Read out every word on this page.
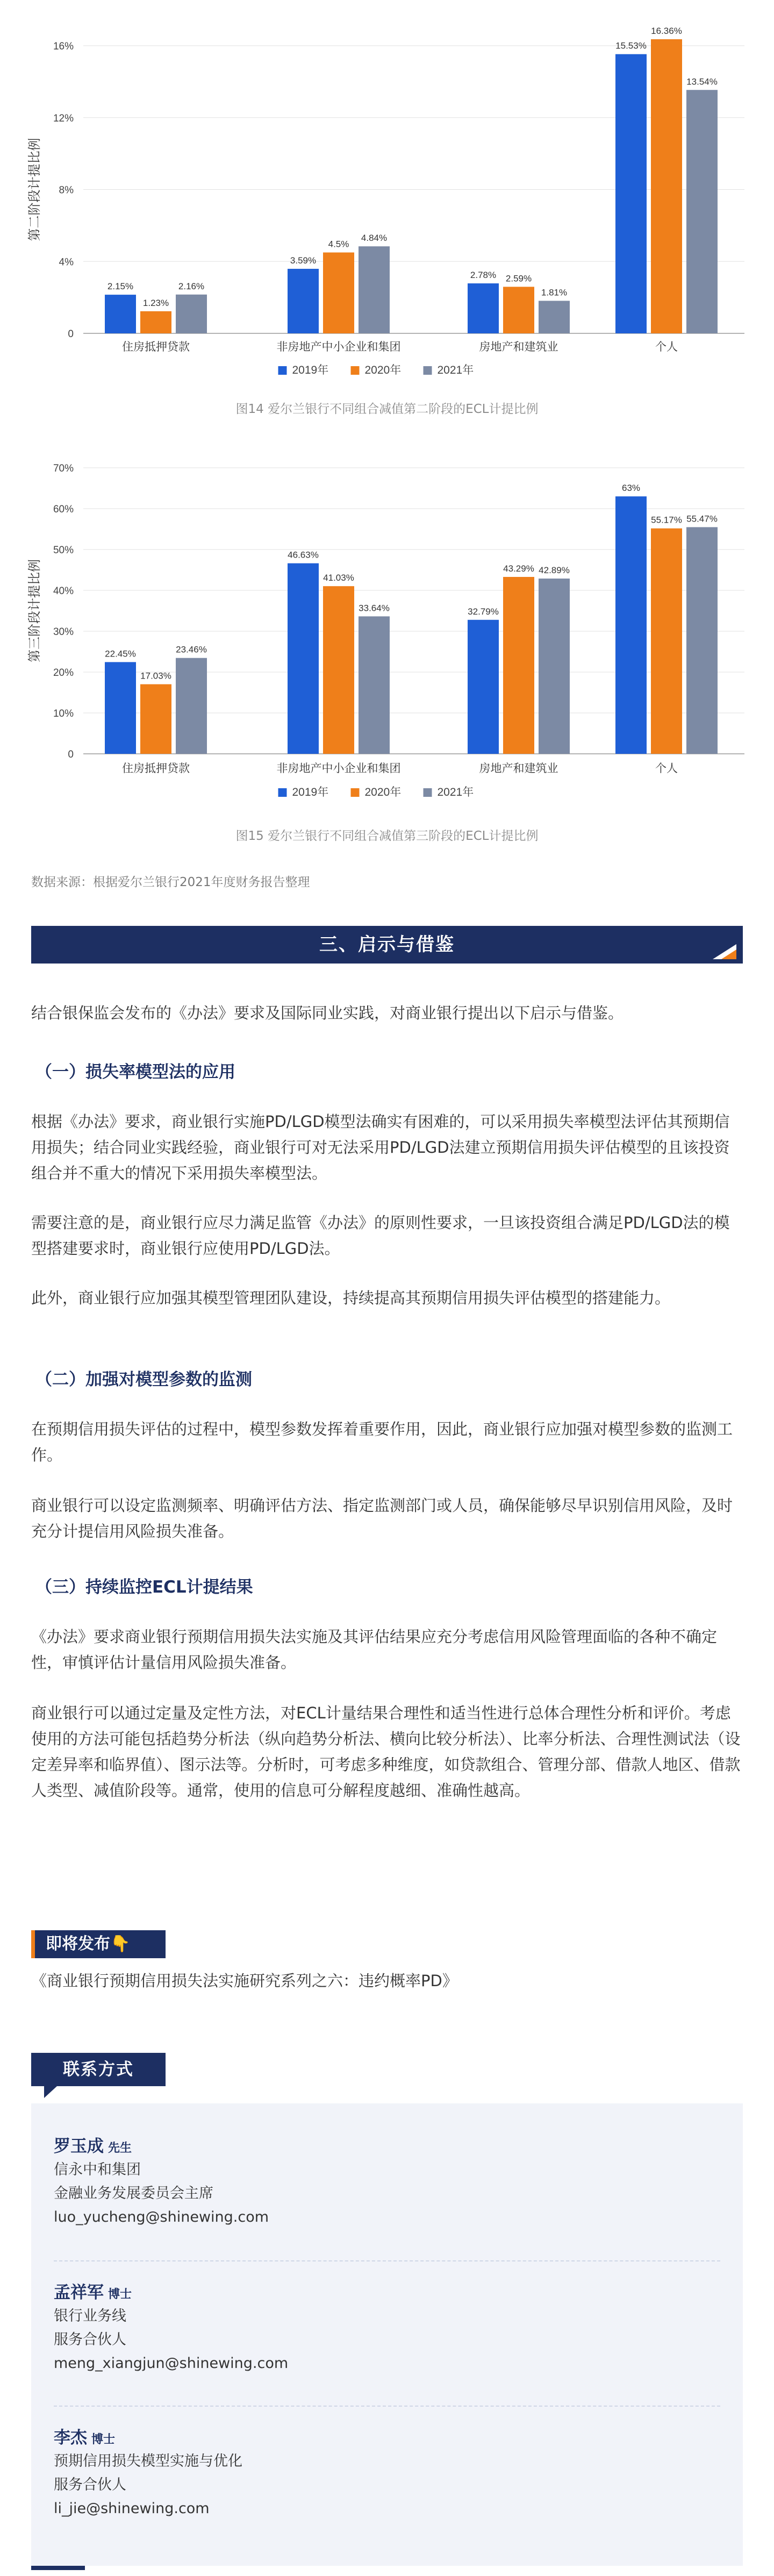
0
4%
8%
12%
16%
第二阶段计提比例
2.15%
1.23%
2.16%
住房抵押贷款
3.59%
4.5%
4.84%
非房地产中小企业和集团
2.78% 2.59%
1.81%
房地产和建筑业
15.53%
16.36%
13.54%
个人
2019年	2020年	2021年
图14 爱尔兰银行不同组合减值第二阶段的ECL计提比例
0
10%
20%
30%
40%
50%
60%
70%
第三阶段计提比例	22.45%
17.03%
23.46%
住房抵押贷款
46.63%
41.03%
33.64%
非房地产中小企业和集团
32.79%
43.29% 42.89%
房地产和建筑业
63%
55.17% 55.47%
个人
2019年	2020年	2021年
图15 爱尔兰银行不同组合减值第三阶段的ECL计提比例
数据来源：根据爱尔兰银行2021年度财务报告整理
三、启示与借鉴

结合银保监会发布的《办法》要求及国际同业实践，对商业银行提出以下启示与借鉴。

（一）损失率模型法的应用

根据《办法》要求，商业银行实施PD/LGD模型法确实有困难的，可以采用损失率模型法评估其预期信用损失；结合同业实践经验，商业银行可对无法采用PD/LGD法建立预期信用损失评估模型的且该投资组合并不重大的情况下采用损失率模型法。

需要注意的是，商业银行应尽力满足监管《办法》的原则性要求，一旦该投资组合满足PD/LGD法的模型搭建要求时，商业银行应使用PD/LGD法。

此外，商业银行应加强其模型管理团队建设，持续提高其预期信用损失评估模型的搭建能力。

（二）加强对模型参数的监测

在预期信用损失评估的过程中，模型参数发挥着重要作用，因此，商业银行应加强对模型参数的监测工作。

商业银行可以设定监测频率、明确评估方法、指定监测部门或人员，确保能够尽早识别信用风险，及时充分计提信用风险损失准备。

（三）持续监控ECL计提结果

《办法》要求商业银行预期信用损失法实施及其评估结果应充分考虑信用风险管理面临的各种不确定性，审慎评估计量信用风险损失准备。

商业银行可以通过定量及定性方法，对ECL计量结果合理性和适当性进行总体合理性分析和评价。考虑使用的方法可能包括趋势分析法（纵向趋势分析法、横向比较分析法）、比率分析法、合理性测试法（设定差异率和临界值）、图示法等。分析时，可考虑多种维度，如贷款组合、管理分部、借款人地区、借款人类型、减值阶段等。通常，使用的信息可分解程度越细、准确性越高。

即将发布👇
《商业银行预期信用损失法实施研究系列之六：违约概率PD》
联系方式
罗玉成 先生
信永中和集团
金融业务发展委员会主席
luo_yucheng@shinewing.com
孟祥军 博士
银行业务线
服务合伙人
meng_xiangjun@shinewing.com
李杰 博士
预期信用损失模型实施与优化
服务合伙人
li_jie@shinewing.com
